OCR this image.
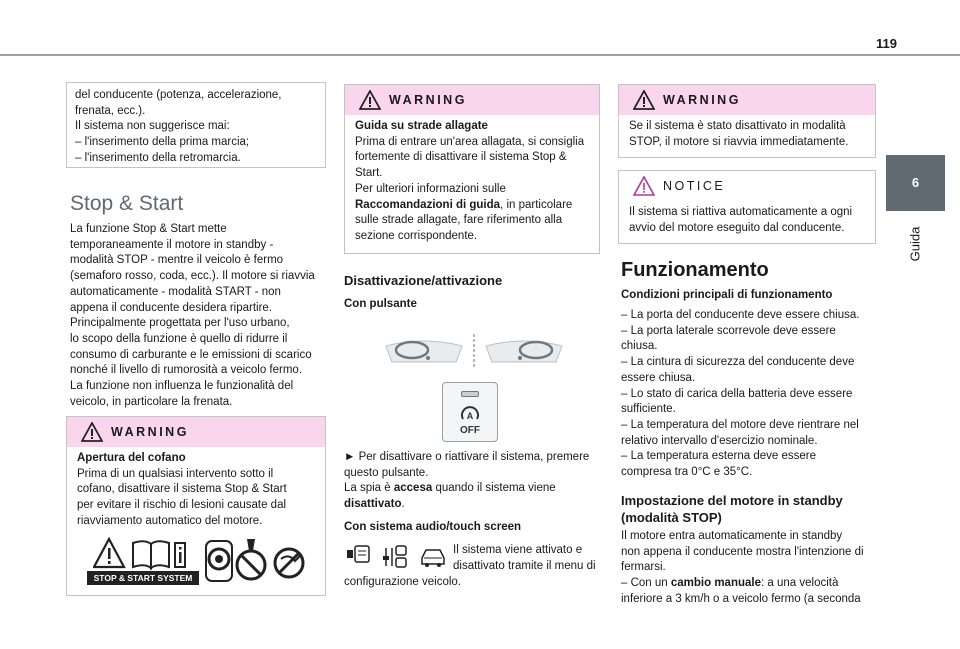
119
6
Guida
del conducente (potenza, accelerazione,
frenata, ecc.).
Il sistema non suggerisce mai:
– l'inserimento della prima marcia;
– l'inserimento della retromarcia.
Stop & Start
La funzione Stop & Start mette
temporaneamente il motore in standby -
modalità STOP - mentre il veicolo è fermo
(semaforo rosso, coda, ecc.). Il motore si riavvia
automaticamente - modalità START - non
appena il conducente desidera ripartire.
Principalmente progettata per l'uso urbano,
lo scopo della funzione è quello di ridurre il
consumo di carburante e le emissioni di scarico
nonché il livello di rumorosità a veicolo fermo.
La funzione non influenza le funzionalità del
veicolo, in particolare la frenata.
WARNING
Apertura del cofano
Prima di un qualsiasi intervento sotto il
cofano, disattivare il sistema Stop & Start
per evitare il rischio di lesioni causate dal
riavviamento automatico del motore.
STOP & START SYSTEM
WARNING
Guida su strade allagate
Prima di entrare un'area allagata, si consiglia
fortemente di disattivare il sistema Stop &
Start.
Per ulteriori informazioni sulle
Raccomandazioni di guida, in particolare
sulle strade allagate, fare riferimento alla
sezione corrispondente.
Disattivazione/attivazione
Con pulsante
A
OFF
► Per disattivare o riattivare il sistema, premere
questo pulsante.
La spia è accesa quando il sistema viene
disattivato.
Con sistema audio/touch screen
Il sistema viene attivato e
disattivato tramite il menu di
configurazione veicolo.
WARNING
Se il sistema è stato disattivato in modalità
STOP, il motore si riavvia immediatamente.
NOTICE
Il sistema si riattiva automaticamente a ogni
avvio del motore eseguito dal conducente.
Funzionamento
Condizioni principali di funzionamento
– La porta del conducente deve essere chiusa.
– La porta laterale scorrevole deve essere
chiusa.
– La cintura di sicurezza del conducente deve
essere chiusa.
– Lo stato di carica della batteria deve essere
sufficiente.
– La temperatura del motore deve rientrare nel
relativo intervallo d'esercizio nominale.
– La temperatura esterna deve essere
compresa tra 0°C e 35°C.
Impostazione del motore in standby
(modalità STOP)
Il motore entra automaticamente in standby
non appena il conducente mostra l'intenzione di
fermarsi.
– Con un cambio manuale: a una velocità
inferiore a 3 km/h o a veicolo fermo (a seconda
